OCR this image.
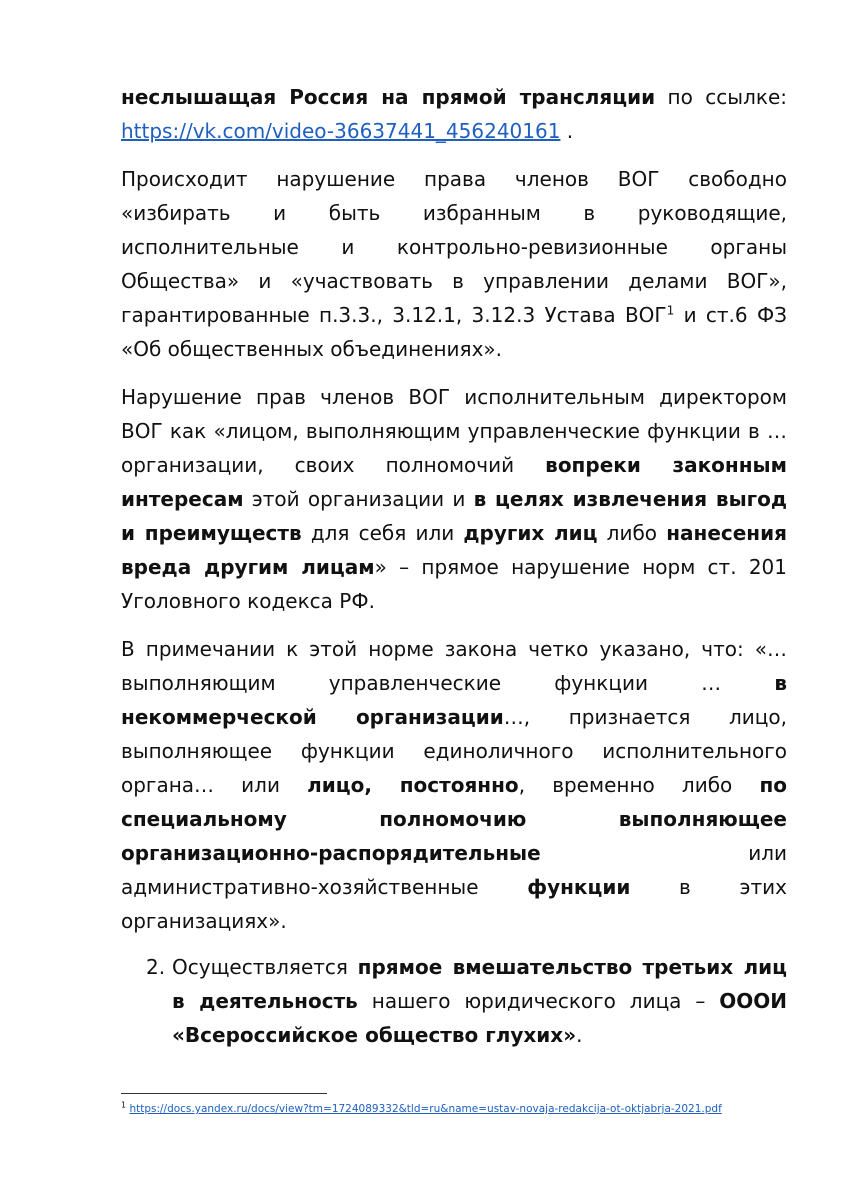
неслышащая Россия на прямой трансляции по ссылке: https://vk.com/video-36637441_456240161 .

Происходит нарушение права членов ВОГ свободно «избирать и быть избранным в руководящие, исполнительные и контрольно-ревизионные органы Общества» и «участвовать в управлении делами ВОГ», гарантированные п.3.3., 3.12.1, 3.12.3 Устава ВОГ$^1$ и ст.6 ФЗ «Об общественных объединениях».

Нарушение прав членов ВОГ исполнительным директором ВОГ как «лицом, выполняющим управленческие функции в …организации, своих полномочий вопреки законным интересам этой организации и в целях извлечения выгод и преимуществ для себя или других лиц либо нанесения вреда другим лицам» – прямое нарушение норм ст. 201 Уголовного кодекса РФ.

В примечании к этой норме закона четко указано, что: «…выполняющим управленческие функции … в некоммерческой организации…, признается лицо, выполняющее функции единоличного исполнительного органа… или лицо, постоянно, временно либо по специальному полномочию выполняющее организационно-распорядительные или административно-хозяйственные функции в этих организациях».

2. Осуществляется прямое вмешательство третьих лиц в деятельность нашего юридического лица – ОООИ «Всероссийское общество глухих».
$^1$ https://docs.yandex.ru/docs/view?tm=1724089332&tld=ru&name=ustav-novaja-redakcija-ot-oktjabrja-2021.pdf
